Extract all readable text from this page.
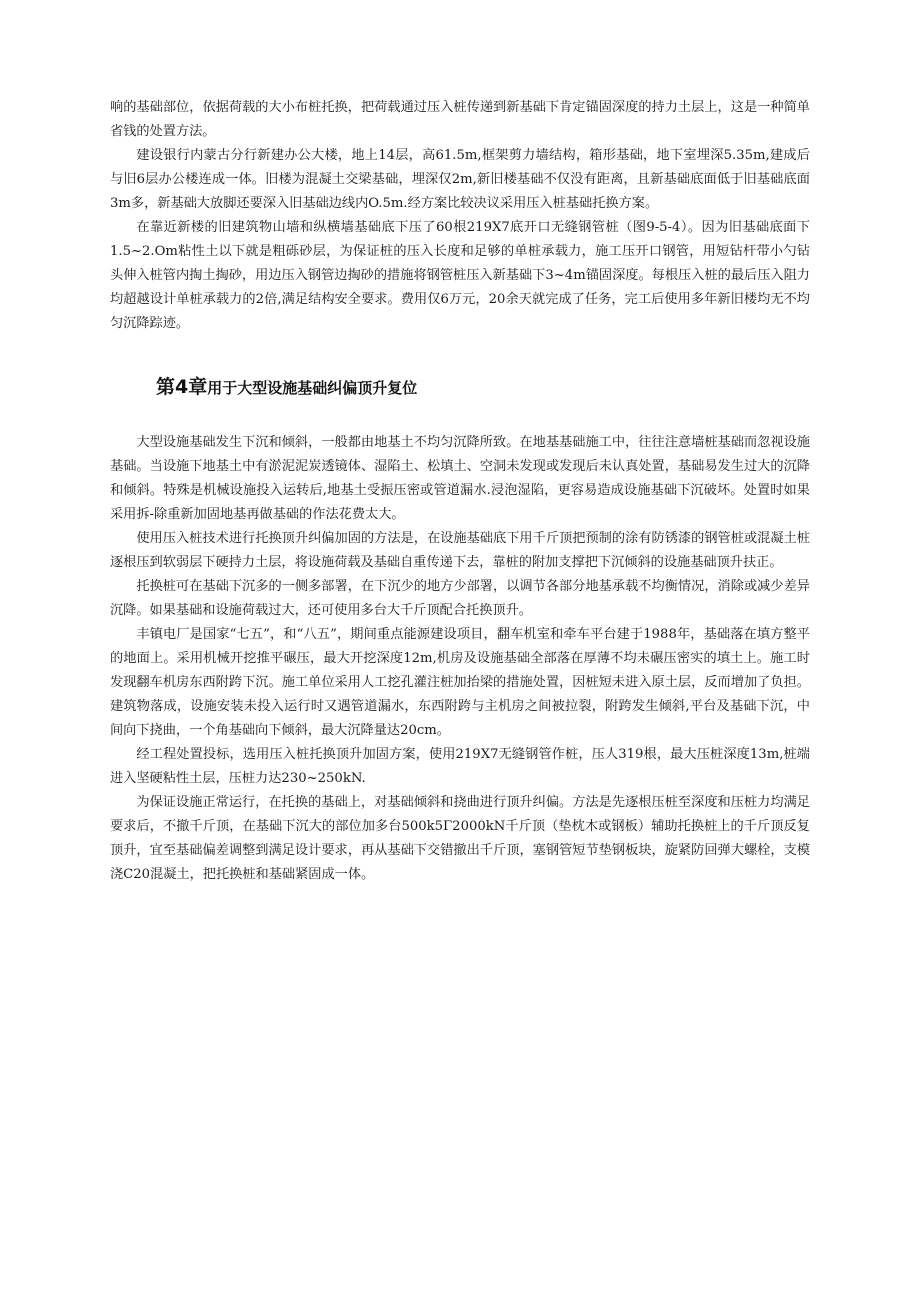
响的基础部位，依据荷载的大小布桩托换，把荷载通过压入桩传递到新基础下肯定锚固深度的持力土层上，这是一种简单省钱的处置方法。

建设银行内蒙古分行新建办公大楼，地上14层，高61.5m,框架剪力墙结构，箱形基础，地下室埋深5.35m,建成后与旧6层办公楼连成一体。旧楼为混凝土交梁基础，埋深仅2m,新旧楼基础不仅没有距离，且新基础底面低于旧基础底面3m多，新基础大放脚还要深入旧基础边线内O.5m.经方案比较决议采用压入桩基础托换方案。

在靠近新楼的旧建筑物山墙和纵横墙基础底下压了60根219X7底开口无缝钢管桩（图9-5-4）。因为旧基础底面下1.5~2.Om粘性土以下就是粗砾砂层，为保证桩的压入长度和足够的单桩承载力，施工压开口钢管，用短钻杆带小勺钻头伸入桩管内掏土掏砂，用边压入钢管边掏砂的措施将钢管桩压入新基础下3~4m锚固深度。每根压入桩的最后压入阻力均超越设计单桩承载力的2倍,满足结构安全要求。费用仅6万元，20余天就完成了任务，完工后使用多年新旧楼均无不均匀沉降踪迹。

第4章用于大型设施基础纠偏顶升复位

大型设施基础发生下沉和倾斜，一般都由地基土不均匀沉降所致。在地基基础施工中，往往注意墙桩基础而忽视设施基础。当设施下地基土中有淤泥泥炭透镜体、湿陷土、松填土、空洞未发现或发现后未认真处置，基础易发生过大的沉降和倾斜。特殊是机械设施投入运转后,地基土受振压密或管道漏水.浸泡湿陷，更容易造成设施基础下沉破坏。处置时如果采用拆-除重新加固地基再做基础的作法花费太大。

使用压入桩技术进行托换顶升纠偏加固的方法是，在设施基础底下用千斤顶把预制的涂有防锈漆的钢管桩或混凝土桩逐根压到软弱层下硬持力土层，将设施荷载及基础自重传递下去，靠桩的附加支撑把下沉倾斜的设施基础顶升扶正。

托换桩可在基础下沉多的一侧多部署，在下沉少的地方少部署，以调节各部分地基承载不均衡情况，消除或减少差异沉降。如果基础和设施荷载过大，还可使用多台大千斤顶配合托换顶升。

丰镇电厂是国家“七五”，和“八五”，期间重点能源建设项目，翻车机室和牵车平台建于1988年，基础落在填方整平的地面上。采用机械开挖推平碾压，最大开挖深度12m,机房及设施基础全部落在厚薄不均未碾压密实的填土上。施工时发现翻车机房东西附跨下沉。施工单位采用人工挖孔灌注桩加抬梁的措施处置，因桩短未进入原土层，反而增加了负担。建筑物落成，设施安装未投入运行时又遇管道漏水，东西附跨与主机房之间被拉裂，附跨发生倾斜,平台及基础下沉，中间向下挠曲，一个角基础向下倾斜，最大沉降量达20cm。

经工程处置投标，选用压入桩托换顶升加固方案，使用219X7无缝钢管作桩，压人319根，最大压桩深度13m,桩端进入坚硬粘性土层，压桩力达230~250kN.

为保证设施正常运行，在托换的基础上，对基础倾斜和挠曲进行顶升纠偏。方法是先逐根压桩至深度和压桩力均满足要求后，不撤千斤顶，在基础下沉大的部位加多台500k5Γ2000kN千斤顶（垫枕木或钢板）辅助托换桩上的千斤顶反复顶升，宜至基础偏差调整到满足设计要求，再从基础下交错撤出千斤顶，塞钢管短节垫钢板块，旋紧防回弹大螺栓，支模浇C20混凝土，把托换桩和基础紧固成一体。
